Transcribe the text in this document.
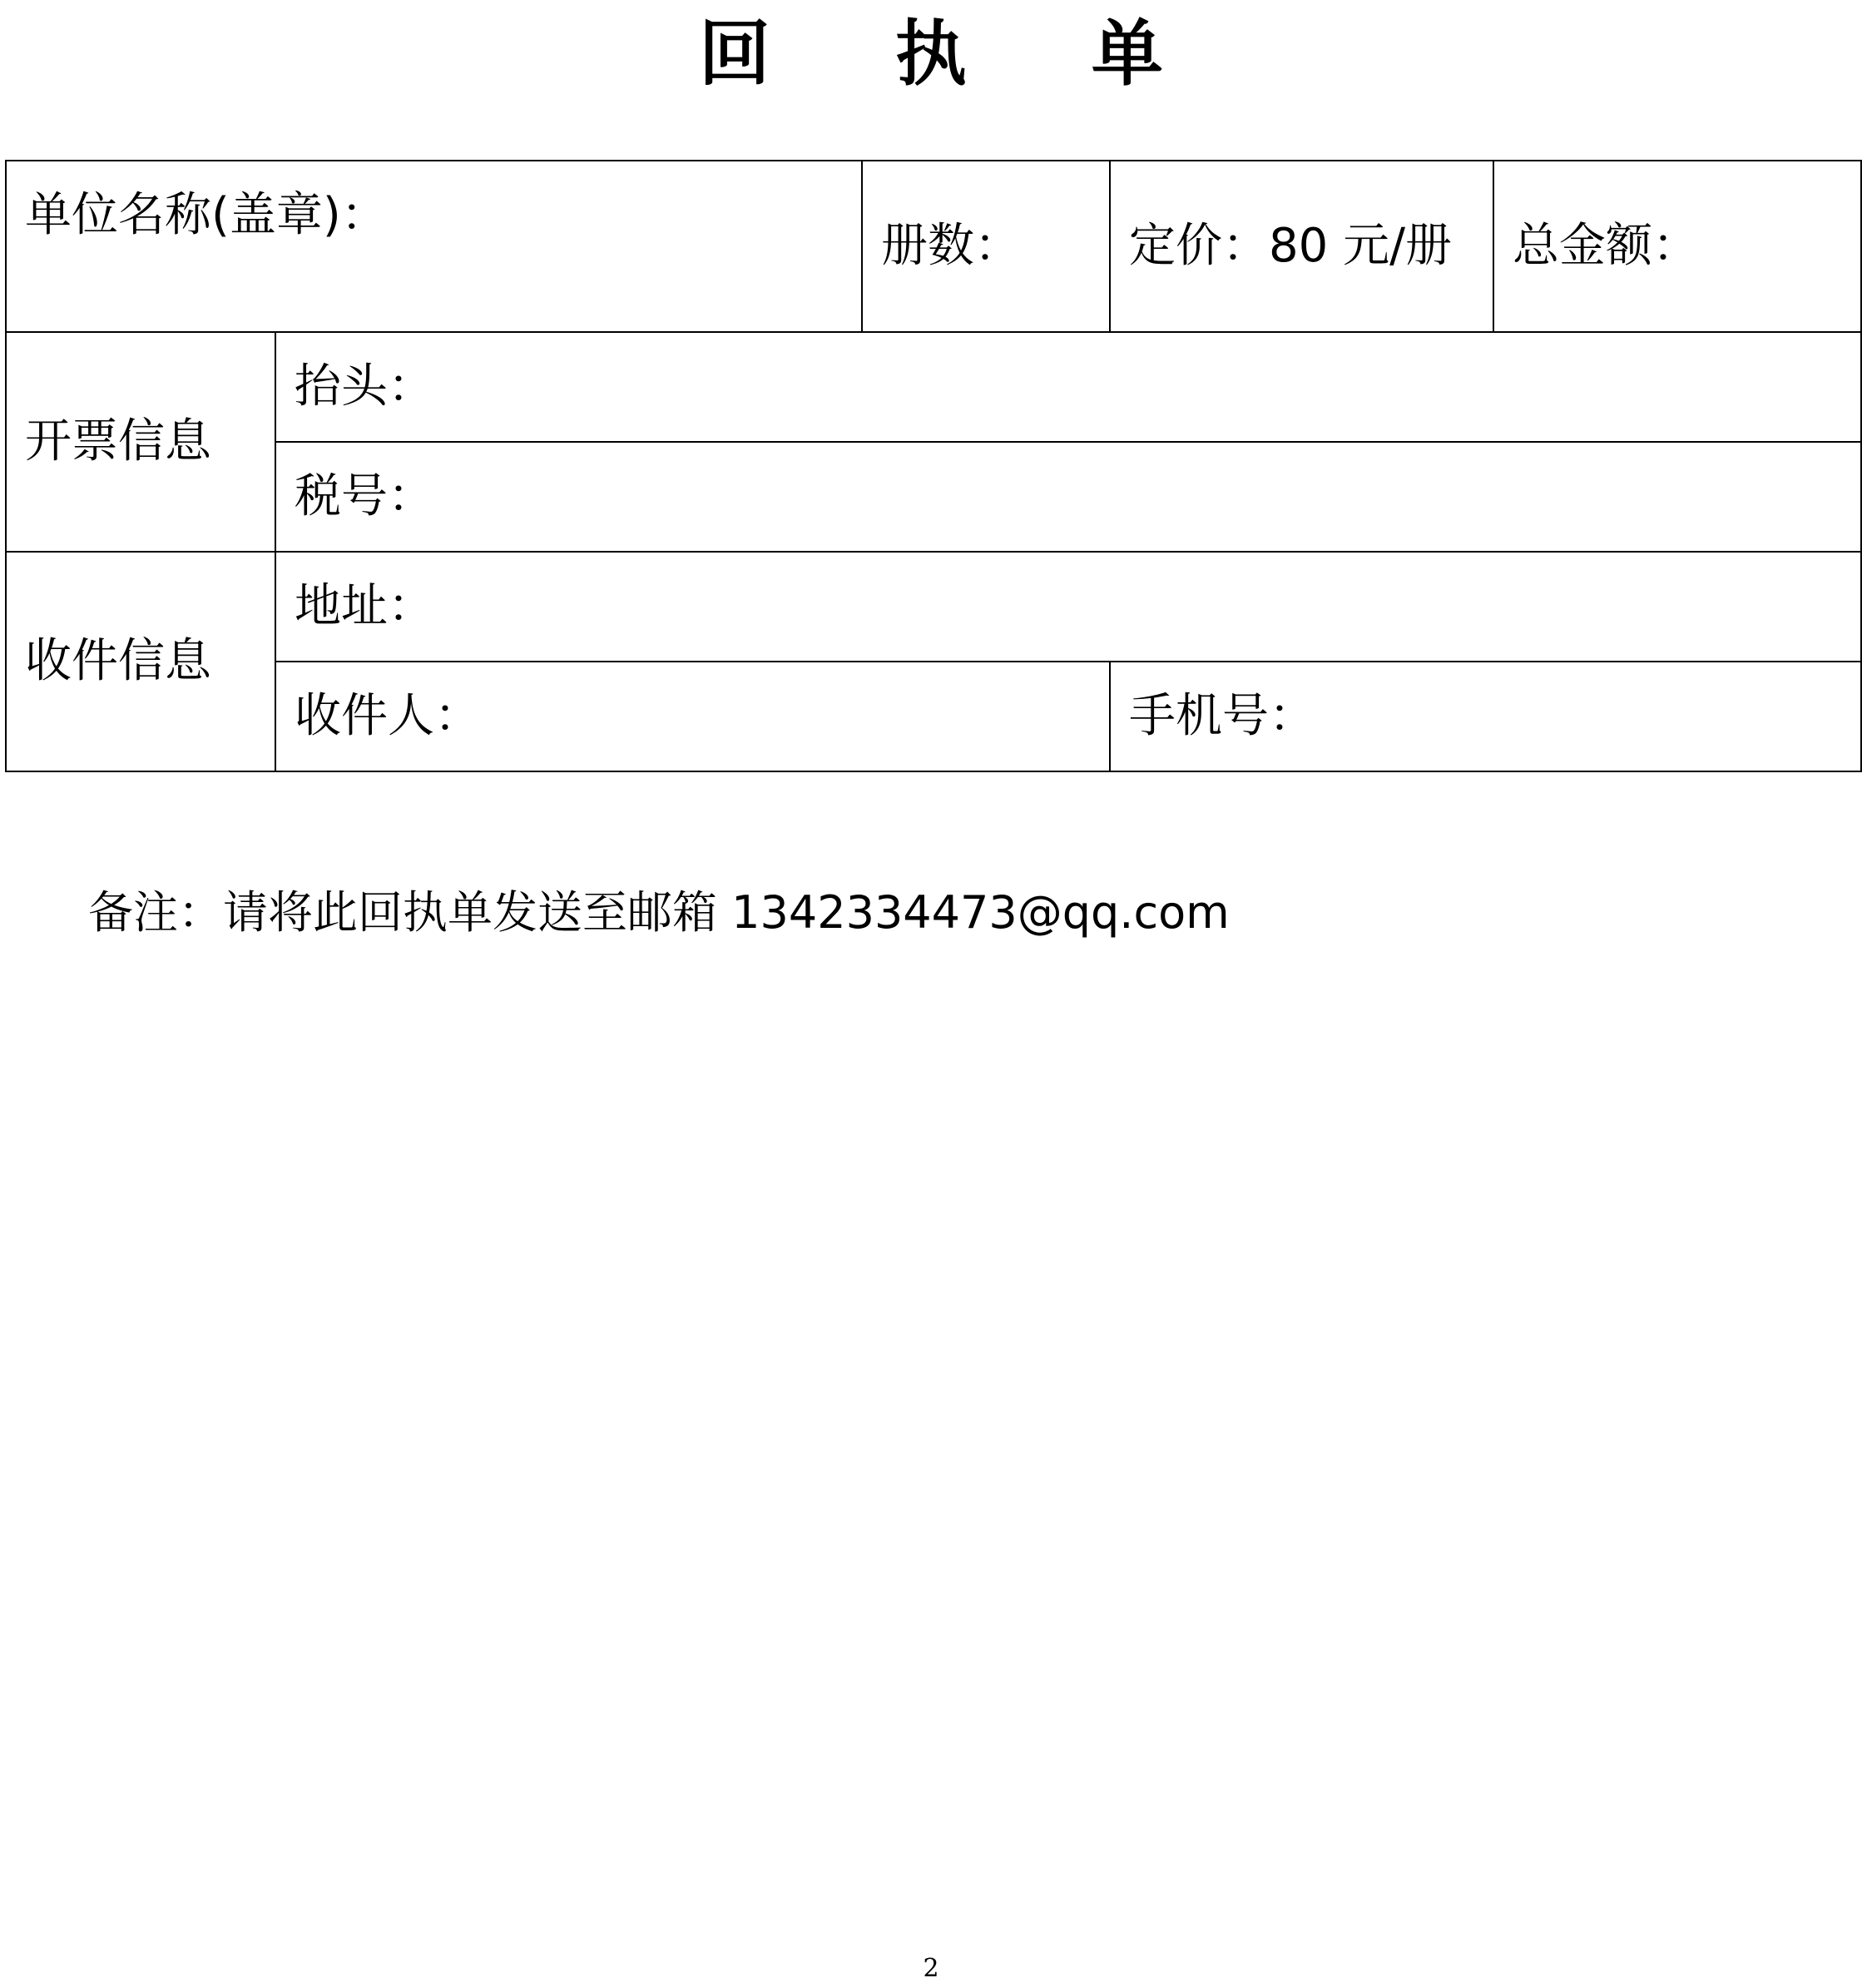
回 执 单
单位名称(盖章)：		册数：	定价：80 元/册	总金额：
开票信息	抬头：			
	税号：			
收件信息	地址：			
	收件人：		手机号：	
备注：请将此回执单发送至邮箱 1342334473@qq.com
2
